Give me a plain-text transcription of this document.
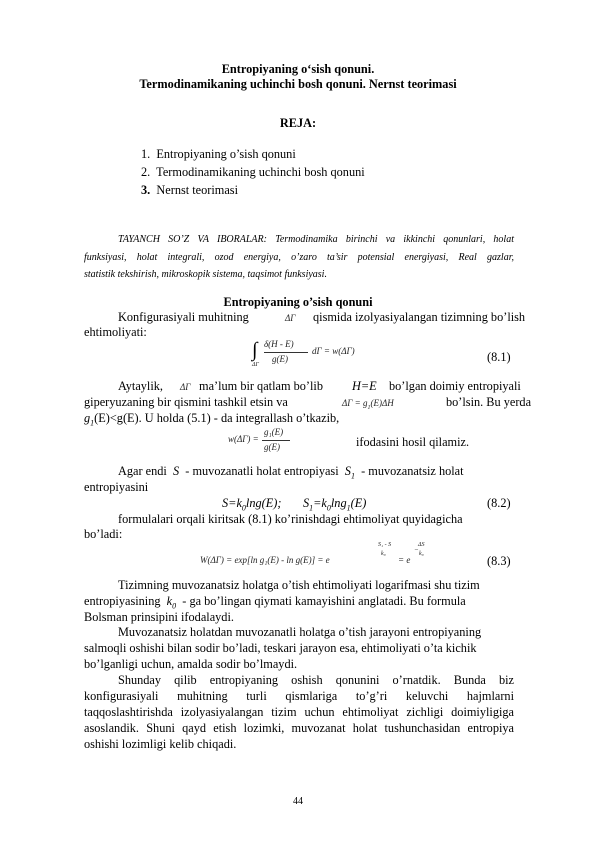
Entropiyaning o‘sish qonuni.
Termodinamikaning uchinchi bosh qonuni. Nernst teorimasi
REJA:
1. Entropiyaning o’sish qonuni
2. Termodinamikaning uchinchi bosh qonuni
3. Nernst teorimasi
TAYANCH SO’Z VA IBORALAR: Termodinamika birinchi va ikkinchi qonunlari, holat
funksiyasi, holat integrali, ozod energiya, o’zaro ta’sir potensial energiyasi, Real gazlar,
statistik tekshirish, mikroskopik sistema, taqsimot funksiyasi.
Entropiyaning o’sish qonuni
Konfigurasiyali muhitning	ΔΓ qismida izolyasiyalangan tizimning bo’lish
ehtimoliyati:
∫
ΔΓ
δ(H - E)
g(E)
dΓ = w(ΔΓ)	(8.1)
Aytaylik, ΔΓ ma’lum bir qatlam bo’lib H=E bo’lgan doimiy entropiyali
giperyuzaning bir qismini tashkil etsin va	$\Delta\Gamma = g_1(E)\Delta H$	bo’lsin. Bu yerda
$g_1(E)<g(E)$. U holda (5.1) - da integrallash o’tkazib,
w(ΔΓ) =
g₁(E)
g(E)	ifodasini hosil qilamiz.
Agar endi S - muvozanatli holat entropiyasi $S_1$ - muvozanatsiz holat
entropiyasini
$S=k_0\ln g(E)$; $S_1=k_0\ln g_1(E)$	(8.2)
formulalari orqali kiritsak (8.1) ko’rinishdagi ehtimoliyat quyidagicha
bo’ladi:
W(ΔΓ) = exp[ln g₁(E) - ln g(E)] = e
S₁ - S
k₀
= e
−
ΔS
k₀	(8.3)
Tizimning muvozanatsiz holatga o’tish ehtimoliyati logarifmasi shu tizim
entropiyasining $k_0$ - ga bo’lingan qiymati kamayishini anglatadi. Bu formula
Bolsman prinsipini ifodalaydi.
Muvozanatsiz holatdan muvozanatli holatga o’tish jarayoni entropiyaning
salmoqli oshishi bilan sodir bo’ladi, teskari jarayon esa, ehtimoliyati o’ta kichik
bo’lganligi uchun, amalda sodir bo’lmaydi.
Shunday qilib entropiyaning oshish qonunini o’rnatdik. Bunda biz
konfigurasiyali muhitning turli qismlariga to’g’ri keluvchi hajmlarni
taqqoslashtirishda izolyasiyalangan tizim uchun ehtimoliyat zichligi doimiyligiga
asoslandik. Shuni qayd etish lozimki, muvozanat holat tushunchasidan entropiya
oshishi lozimligi kelib chiqadi.
44
